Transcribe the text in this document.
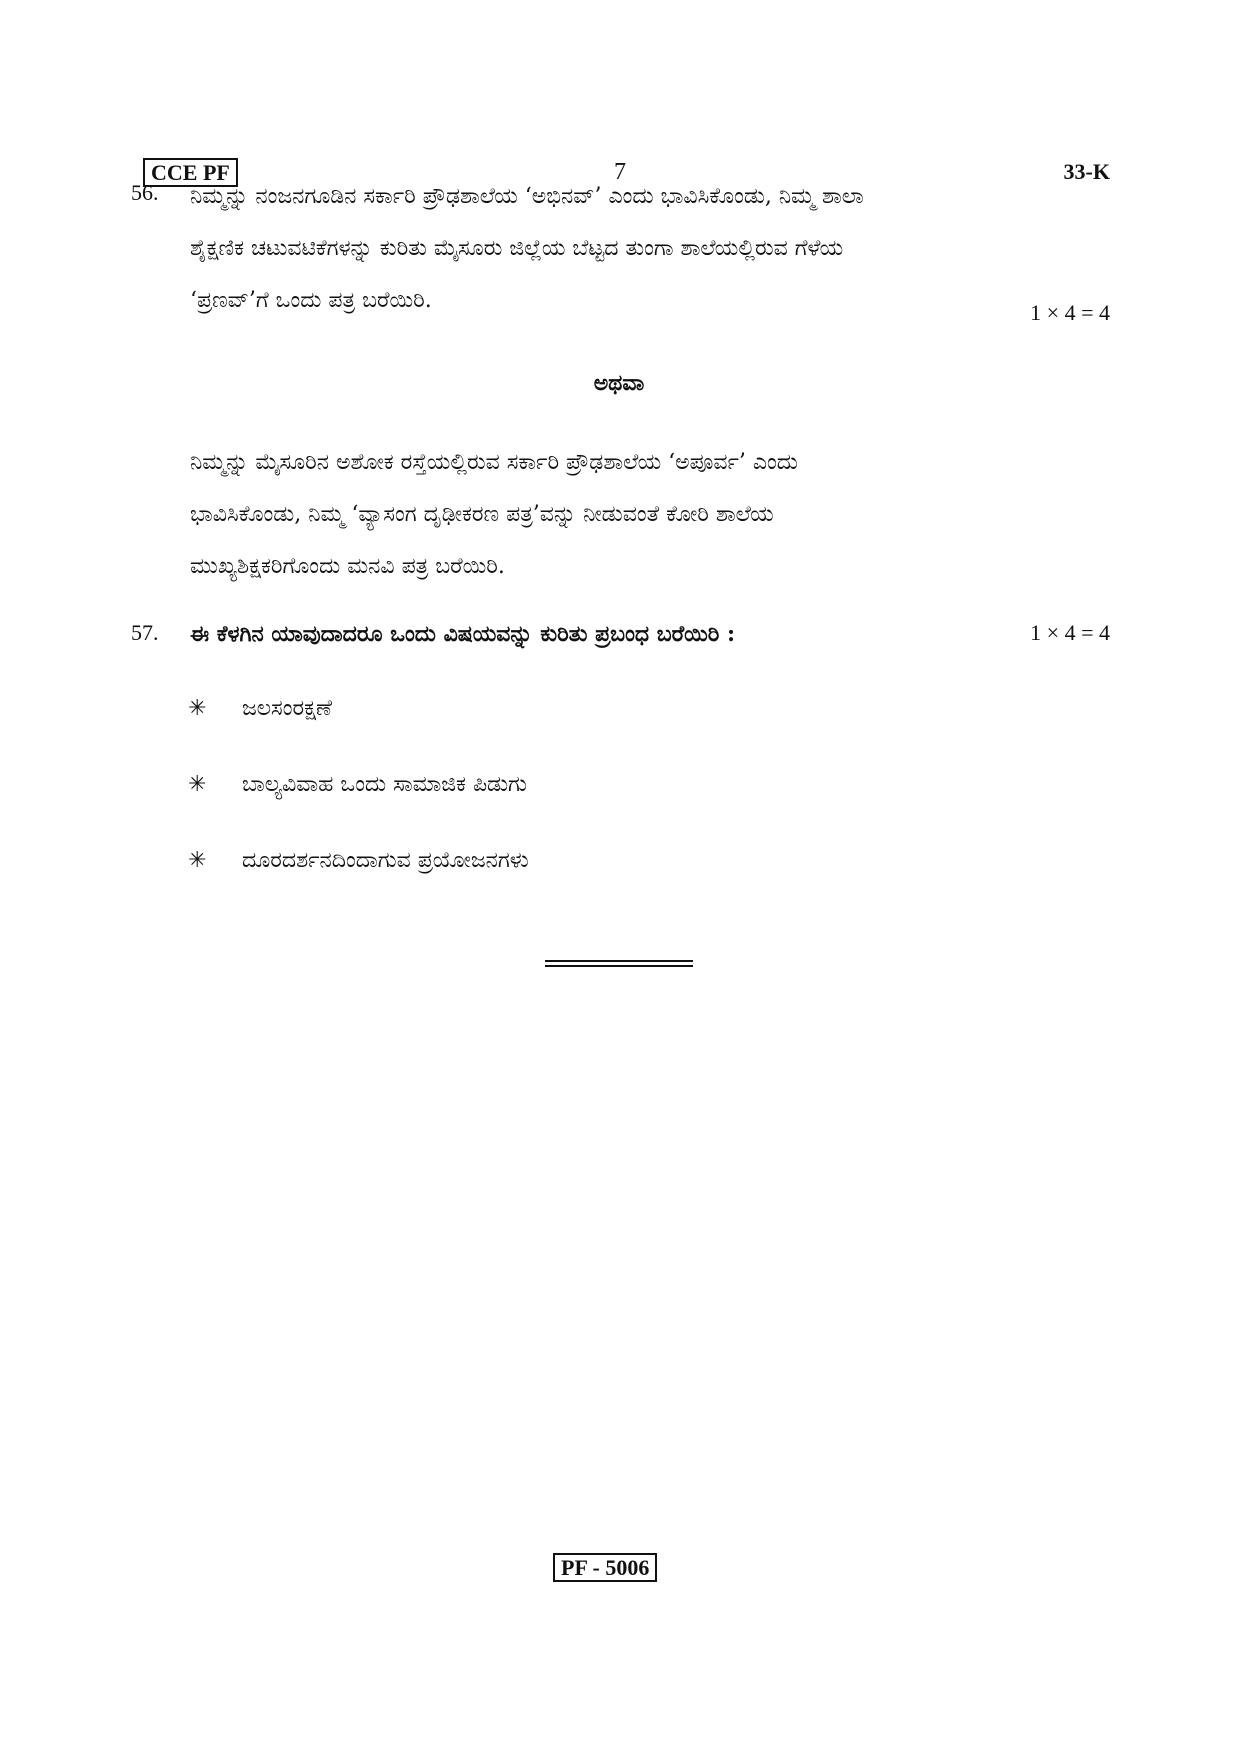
CCE PF	7	33-K
56. ನಿಮ್ಮನ್ನು ನಂಜನಗೂಡಿನ ಸರ್ಕಾರಿ ಪ್ರೌಢಶಾಲೆಯ ‘ಅಭಿನವ್’ ಎಂದು ಭಾವಿಸಿಕೊಂಡು, ನಿಮ್ಮ ಶಾಲಾ
ಶೈಕ್ಷಣಿಕ ಚಟುವಟಿಕೆಗಳನ್ನು ಕುರಿತು ಮೈಸೂರು ಜಿಲ್ಲೆಯ ಬೆಟ್ಟದ ತುಂಗಾ ಶಾಲೆಯಲ್ಲಿರುವ ಗೆಳೆಯ
‘ಪ್ರಣವ್’ಗೆ ಒಂದು ಪತ್ರ ಬರೆಯಿರಿ.	1 × 4 = 4
ಅಥವಾ
ನಿಮ್ಮನ್ನು ಮೈಸೂರಿನ ಅಶೋಕ ರಸ್ತೆಯಲ್ಲಿರುವ ಸರ್ಕಾರಿ ಪ್ರೌಢಶಾಲೆಯ ‘ಅಪೂರ್ವ’ ಎಂದು
ಭಾವಿಸಿಕೊಂಡು, ನಿಮ್ಮ ‘ವ್ಯಾಸಂಗ ದೃಢೀಕರಣ ಪತ್ರ’ವನ್ನು ನೀಡುವಂತೆ ಕೋರಿ ಶಾಲೆಯ
ಮುಖ್ಯಶಿಕ್ಷಕರಿಗೊಂದು ಮನವಿ ಪತ್ರ ಬರೆಯಿರಿ.
57. ಈ ಕೆಳಗಿನ ಯಾವುದಾದರೂ ಒಂದು ವಿಷಯವನ್ನು ಕುರಿತು ಪ್ರಬಂಧ ಬರೆಯಿರಿ :	1 × 4 = 4
✳	ಜಲಸಂರಕ್ಷಣೆ
✳	ಬಾಲ್ಯವಿವಾಹ ಒಂದು ಸಾಮಾಜಿಕ ಪಿಡುಗು
✳	ದೂರದರ್ಶನದಿಂದಾಗುವ ಪ್ರಯೋಜನಗಳು
PF - 5006
